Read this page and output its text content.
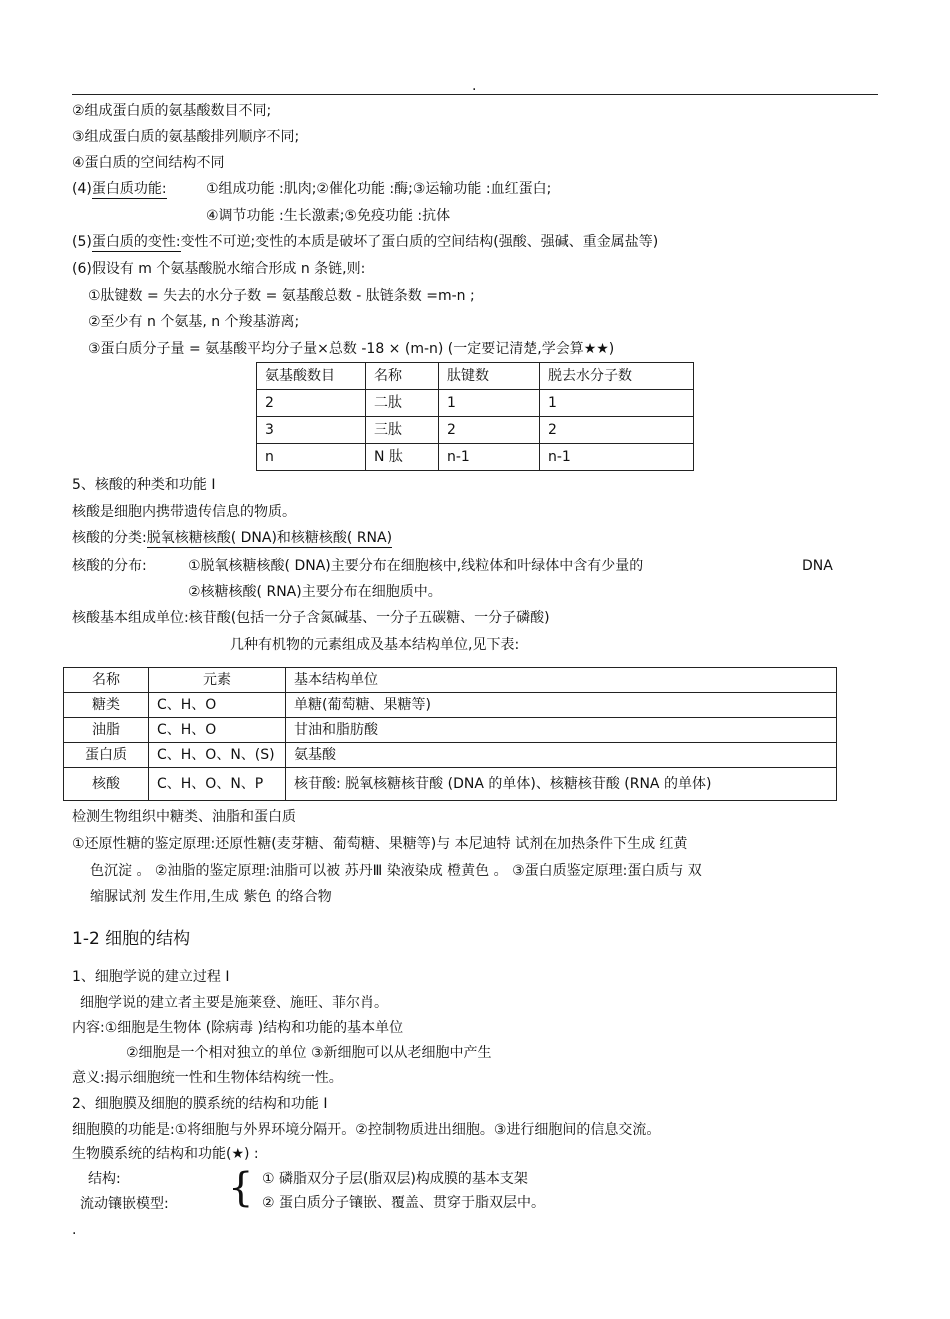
.
②组成蛋白质的氨基酸数目不同;
③组成蛋白质的氨基酸排列顺序不同;
④蛋白质的空间结构不同
(4)蛋白质功能:	①组成功能 :肌肉;②催化功能 :酶;③运输功能 :血红蛋白;
④调节功能 :生长激素;⑤免疫功能 :抗体
(5)蛋白质的变性:变性不可逆;变性的本质是破坏了蛋白质的空间结构(强酸、强碱、重金属盐等)
(6)假设有 m 个氨基酸脱水缩合形成 n 条链,则:
①肽键数 = 失去的水分子数 = 氨基酸总数 - 肽链条数 =m-n ;
②至少有 n 个氨基, n 个羧基游离;
③蛋白质分子量 = 氨基酸平均分子量×总数 -18 × (m-n) (一定要记清楚,学会算★★)
氨基酸数目	名称	肽键数	脱去水分子数
2	二肽	1	1
3	三肽	2	2
n	N 肽	n-1	n-1
5、核酸的种类和功能 I
核酸是细胞内携带遗传信息的物质。
核酸的分类:脱氧核糖核酸( DNA)和核糖核酸( RNA)
核酸的分布:	①脱氧核糖核酸( DNA)主要分布在细胞核中,线粒体和叶绿体中含有少量的	DNA
②核糖核酸( RNA)主要分布在细胞质中。
核酸基本组成单位:核苷酸(包括一分子含氮碱基、一分子五碳糖、一分子磷酸)
几种有机物的元素组成及基本结构单位,见下表:
名称	元素	基本结构单位
糖类	C、H、O	单糖(葡萄糖、果糖等)
油脂	C、H、O	甘油和脂肪酸
蛋白质	C、H、O、N、(S)	氨基酸
核酸	C、H、O、N、P	核苷酸: 脱氧核糖核苷酸 (DNA 的单体)、核糖核苷酸 (RNA 的单体)
检测生物组织中糖类、油脂和蛋白质
①还原性糖的鉴定原理:还原性糖(麦芽糖、葡萄糖、果糖等)与 本尼迪特 试剂在加热条件下生成 红黄
色沉淀 。 ②油脂的鉴定原理:油脂可以被 苏丹Ⅲ 染液染成 橙黄色 。 ③蛋白质鉴定原理:蛋白质与 双
缩脲试剂 发生作用,生成 紫色 的络合物
1-2 细胞的结构
1、细胞学说的建立过程 I
细胞学说的建立者主要是施莱登、施旺、菲尔肖。
内容:①细胞是生物体 (除病毒 )结构和功能的基本单位
②细胞是一个相对独立的单位 ③新细胞可以从老细胞中产生
意义:揭示细胞统一性和生物体结构统一性。
2、细胞膜及细胞的膜系统的结构和功能 I
细胞膜的功能是:①将细胞与外界环境分隔开。②控制物质进出细胞。③进行细胞间的信息交流。
生物膜系统的结构和功能(★) :
结构:
流动镶嵌模型: { ① 磷脂双分子层(脂双层)构成膜的基本支架
② 蛋白质分子镶嵌、覆盖、贯穿于脂双层中。
.
